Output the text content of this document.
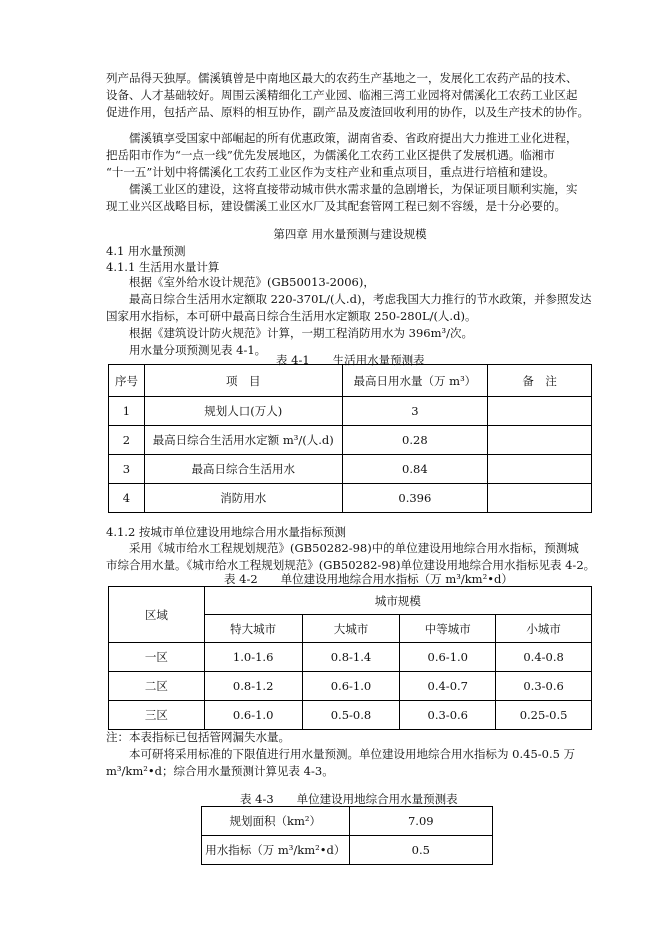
列产品得天独厚。儒溪镇曾是中南地区最大的农药生产基地之一，发展化工农药产品的技术、
设备、人才基础较好。周围云溪精细化工产业园、临湘三湾工业园将对儒溪化工农药工业区起
促进作用，包括产品、原料的相互协作，副产品及废渣回收利用的协作，以及生产技术的协作。
　　儒溪镇享受国家中部崛起的所有优惠政策，湖南省委、省政府提出大力推进工业化进程，
把岳阳市作为“一点一线”优先发展地区，为儒溪化工农药工业区提供了发展机遇。临湘市
“十一五”计划中将儒溪化工农药工业区作为支柱产业和重点项目，重点进行培植和建设。
　　儒溪工业区的建设，这将直接带动城市供水需求量的急剧增长，为保证项目顺利实施，实
现工业兴区战略目标，建设儒溪工业区水厂及其配套管网工程已刻不容缓，是十分必要的。
第四章 用水量预测与建设规模
4.1 用水量预测
4.1.1 生活用水量计算
　　根据《室外给水设计规范》(GB50013-2006)，
　　最高日综合生活用水定额取 220-370L/(人.d)，考虑我国大力推行的节水政策，并参照发达
国家用水指标，本可研中最高日综合生活用水定额取 250-280L/(人.d)。
　　根据《建筑设计防火规范》计算，一期工程消防用水为 396m³/次。
　　用水量分项预测见表 4-1。
表 4-1　　生活用水量预测表
序号	项　目	最高日用水量（万 m³）	备　注
1	规划人口(万人)	3	
2	最高日综合生活用水定额 m³/(人.d)	0.28	
3	最高日综合生活用水	0.84	
4	消防用水	0.396	
4.1.2 按城市单位建设用地综合用水量指标预测
　　采用《城市给水工程规划规范》(GB50282-98)中的单位建设用地综合用水指标，预测城
市综合用水量。《城市给水工程规划规范》(GB50282-98)单位建设用地综合用水指标见表 4-2。
表 4-2　　单位建设用地综合用水指标（万 m³/km²•d）
区域	城市规模			
	特大城市	大城市	中等城市	小城市
一区	1.0-1.6	0.8-1.4	0.6-1.0	0.4-0.8
二区	0.8-1.2	0.6-1.0	0.4-0.7	0.3-0.6
三区	0.6-1.0	0.5-0.8	0.3-0.6	0.25-0.5
注：本表指标已包括管网漏失水量。
　　本可研将采用标准的下限值进行用水量预测。单位建设用地综合用水指标为 0.45-0.5 万
m³/km²•d；综合用水量预测计算见表 4-3。
表 4-3　　单位建设用地综合用水量预测表
规划面积（km²）	7.09
用水指标（万 m³/km²•d）	0.5
